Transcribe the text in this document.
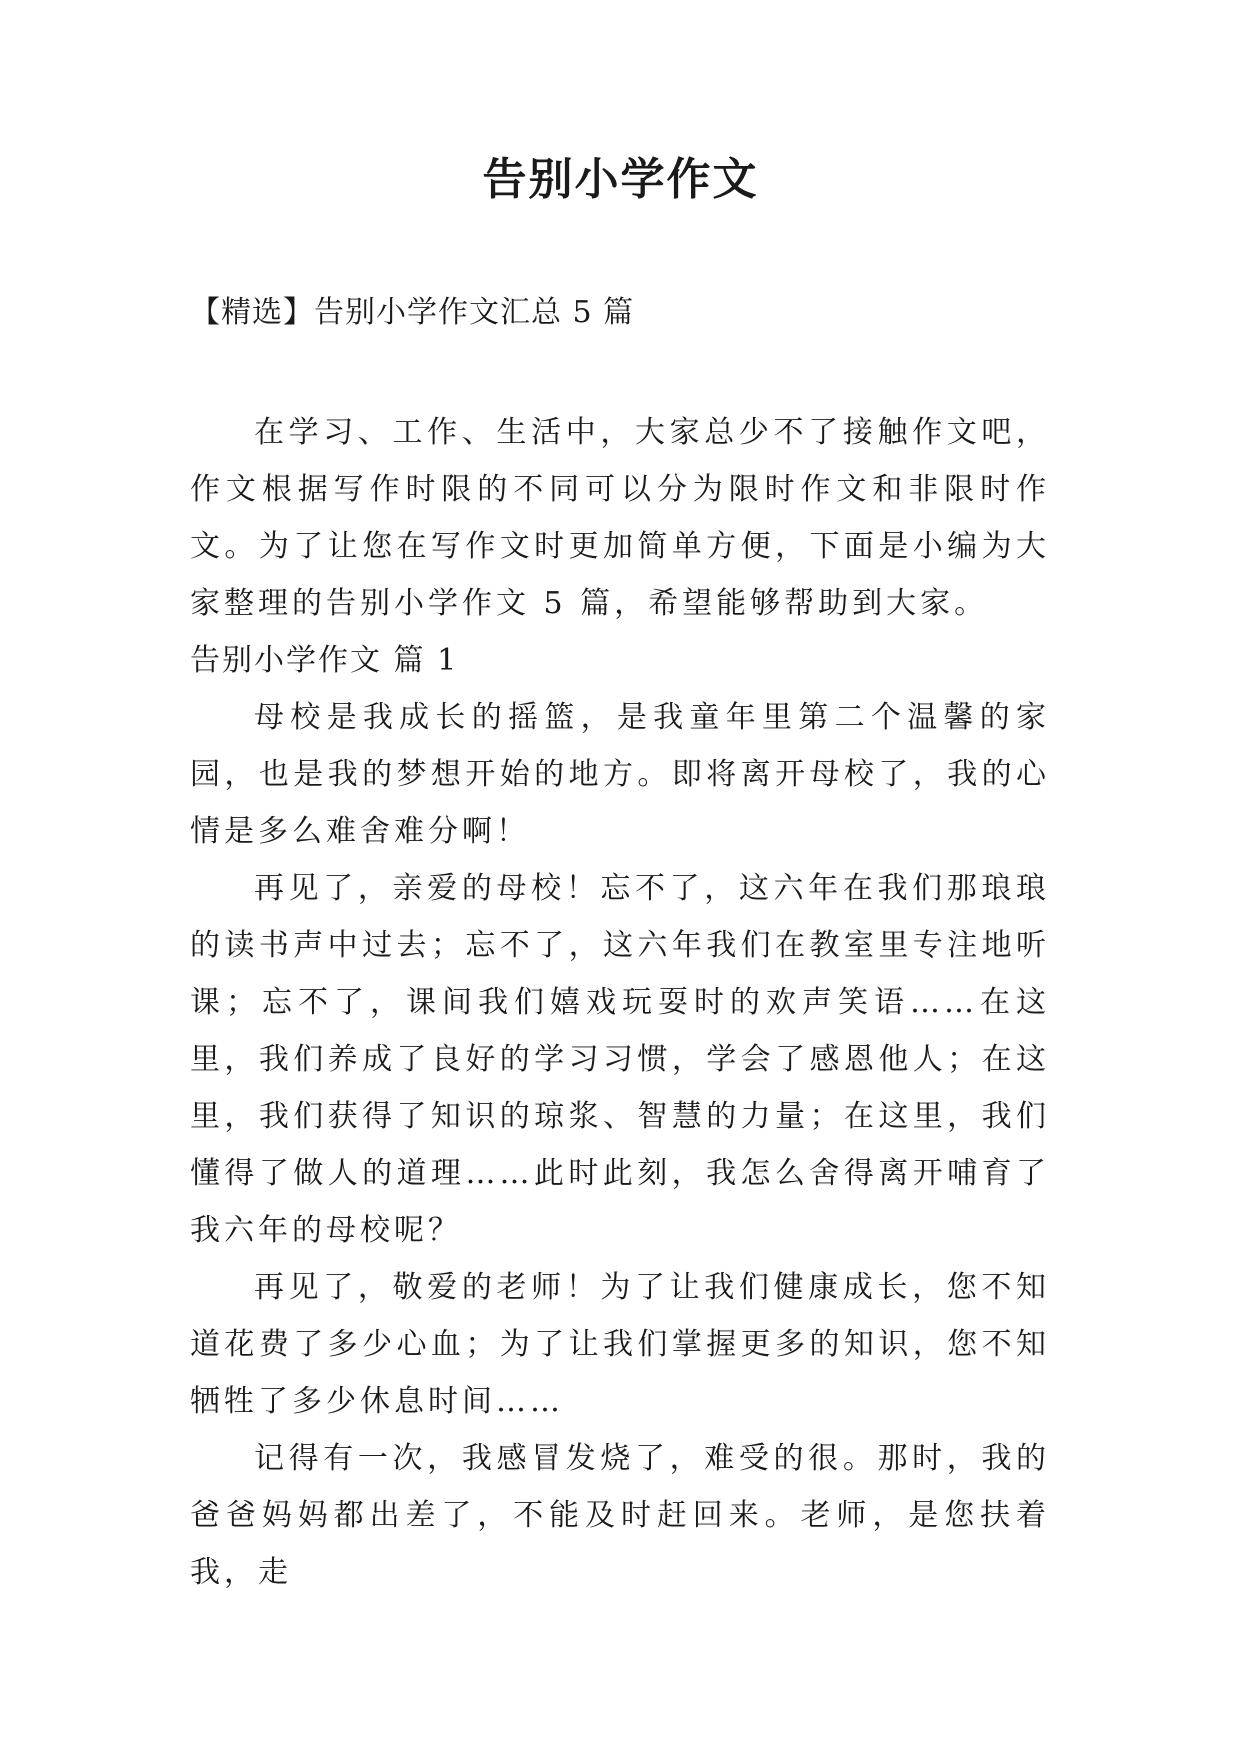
告别小学作文
【精选】告别小学作文汇总 5 篇

在学习、工作、生活中，大家总少不了接触作文吧，作文根据写作时限的不同可以分为限时作文和非限时作文。为了让您在写作文时更加简单方便，下面是小编为大家整理的告别小学作文 5 篇，希望能够帮助到大家。

告别小学作文 篇 1

母校是我成长的摇篮，是我童年里第二个温馨的家园，也是我的梦想开始的地方。即将离开母校了，我的心情是多么难舍难分啊！

再见了，亲爱的母校！忘不了，这六年在我们那琅琅的读书声中过去；忘不了，这六年我们在教室里专注地听课；忘不了，课间我们嬉戏玩耍时的欢声笑语……在这里，我们养成了良好的学习习惯，学会了感恩他人；在这里，我们获得了知识的琼浆、智慧的力量；在这里，我们懂得了做人的道理……此时此刻，我怎么舍得离开哺育了我六年的母校呢？

再见了，敬爱的老师！为了让我们健康成长，您不知道花费了多少心血；为了让我们掌握更多的知识，您不知牺牲了多少休息时间……

记得有一次，我感冒发烧了，难受的很。那时，我的爸爸妈妈都出差了，不能及时赶回来。老师，是您扶着我，走
